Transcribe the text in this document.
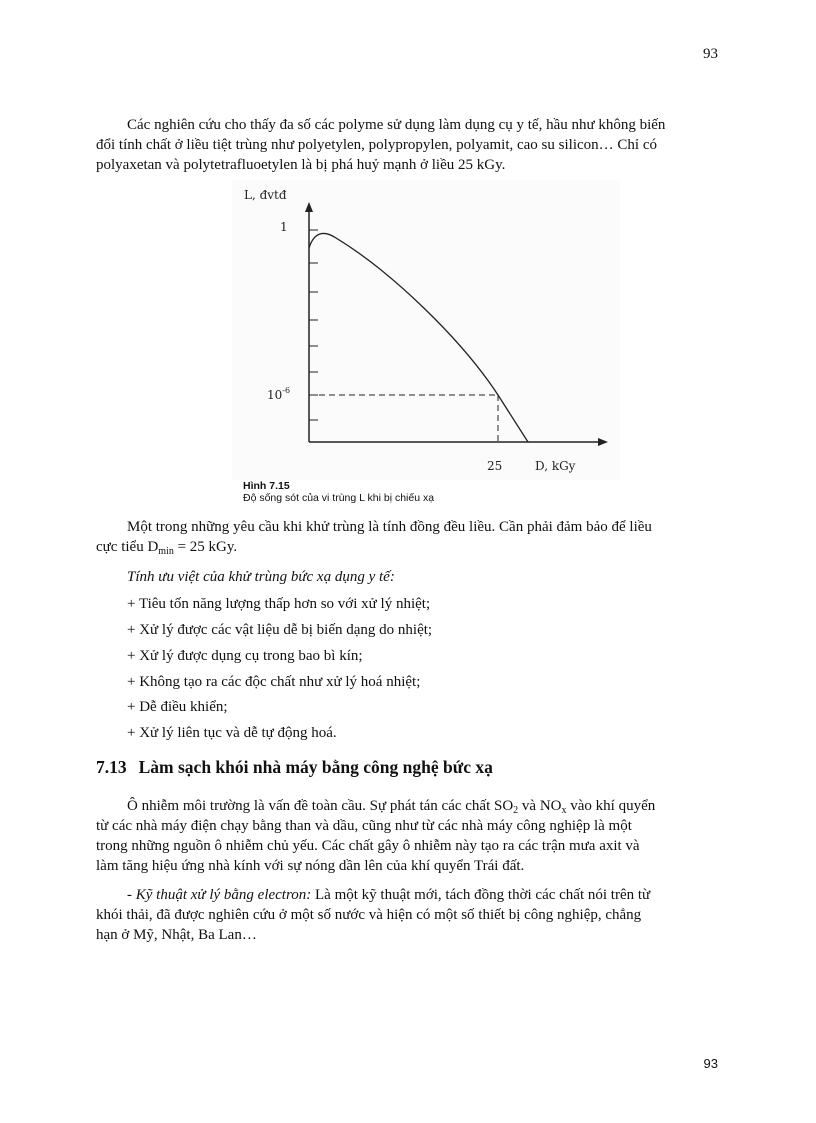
93

Các nghiên cứu cho thấy đa số các polyme sử dụng làm dụng cụ y tế, hầu như không biến

đổi tính chất ở liều tiệt trùng như polyetylen, polypropylen, polyamit, cao su silicon… Chỉ có

polyaxetan và polytetrafluoetylen là bị phá huỷ mạnh ở liều 25 kGy.

L, đvtđ
1
$10^{-6}$
25	D, kGy
Hình 7.15
Độ sống sót của vi trùng L khi bị chiếu xạ

Một trong những yêu cầu khi khử trùng là tính đồng đều liều. Cần phải đảm bảo để liều

cực tiểu $D_{min} = 25$ kGy.

Tính ưu việt của khử trùng bức xạ dụng y tế:

+ Tiêu tốn năng lượng thấp hơn so với xử lý nhiệt;

+ Xử lý được các vật liệu dễ bị biến dạng do nhiệt;

+ Xử lý được dụng cụ trong bao bì kín;

+ Không tạo ra các độc chất như xử lý hoá nhiệt;

+ Dễ điều khiển;

+ Xử lý liên tục và dễ tự động hoá.

7.13 Làm sạch khói nhà máy bằng công nghệ bức xạ

Ô nhiễm môi trường là vấn đề toàn cầu. Sự phát tán các chất $SO_2$ và $NO_x$ vào khí quyển

từ các nhà máy điện chạy bằng than và dầu, cũng như từ các nhà máy công nghiệp là một

trong những nguồn ô nhiễm chủ yếu. Các chất gây ô nhiễm này tạo ra các trận mưa axit và

làm tăng hiệu ứng nhà kính với sự nóng dần lên của khí quyển Trái đất.

- Kỹ thuật xử lý bằng electron: Là một kỹ thuật mới, tách đồng thời các chất nói trên từ

khói thải, đã được nghiên cứu ở một số nước và hiện có một số thiết bị công nghiệp, chẳng

hạn ở Mỹ, Nhật, Ba Lan…

93
